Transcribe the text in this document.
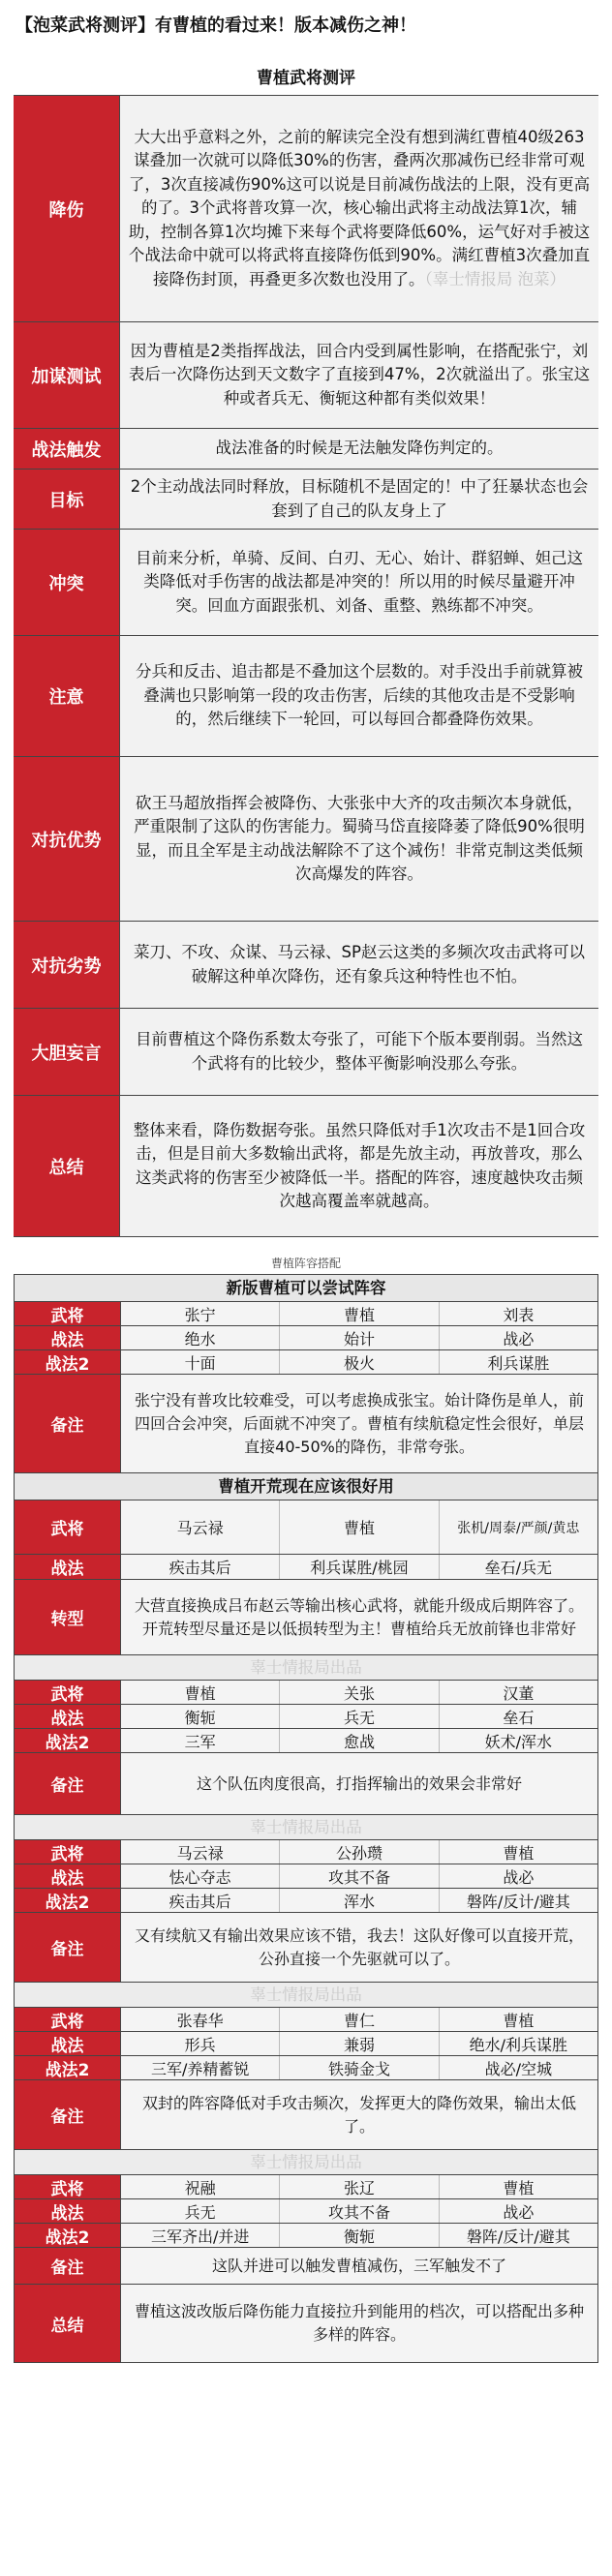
【泡菜武将测评】有曹植的看过来！版本减伤之神！
曹植武将测评
降伤
大大出乎意料之外，之前的解读完全没有想到满红曹植40级263谋叠加一次就可以降低30%的伤害，叠两次那减伤已经非常可观了，3次直接减伤90%这可以说是目前减伤战法的上限，没有更高的了。3个武将普攻算一次，核心输出武将主动战法算1次，辅助，控制各算1次均摊下来每个武将要降低60%，运气好对手被这个战法命中就可以将武将直接降伤低到90%。满红曹植3次叠加直接降伤封顶，再叠更多次数也没用了。（辜士情报局 泡菜）
加谋测试
因为曹植是2类指挥战法，回合内受到属性影响，在搭配张宁，刘表后一次降伤达到天文数字了直接到47%，2次就溢出了。张宝这种或者兵无、衡轭这种都有类似效果！
战法触发	战法准备的时候是无法触发降伤判定的。
目标
2个主动战法同时释放，目标随机不是固定的！中了狂暴状态也会套到了自己的队友身上了
冲突
目前来分析，单骑、反间、白刃、无心、始计、群貂蝉、妲己这类降低对手伤害的战法都是冲突的！所以用的时候尽量避开冲突。回血方面跟张机、刘备、重整、熟练都不冲突。
注意
分兵和反击、追击都是不叠加这个层数的。对手没出手前就算被叠满也只影响第一段的攻击伤害，后续的其他攻击是不受影响的，然后继续下一轮回，可以每回合都叠降伤效果。
对抗优势
砍王马超放指挥会被降伤、大张张中大齐的攻击频次本身就低，严重限制了这队的伤害能力。蜀骑马岱直接降萎了降低90%很明显，而且全军是主动战法解除不了这个减伤！非常克制这类低频次高爆发的阵容。
对抗劣势
菜刀、不攻、众谋、马云禄、SP赵云这类的多频次攻击武将可以破解这种单次降伤，还有象兵这种特性也不怕。
大胆妄言
目前曹植这个降伤系数太夸张了，可能下个版本要削弱。当然这个武将有的比较少，整体平衡影响没那么夸张。
总结
整体来看，降伤数据夸张。虽然只降低对手1次攻击不是1回合攻击，但是目前大多数输出武将，都是先放主动，再放普攻，那么这类武将的伤害至少被降低一半。搭配的阵容，速度越快攻击频次越高覆盖率就越高。
曹植阵容搭配
新版曹植可以尝试阵容
武将	张宁	曹植	刘表
战法	绝水	始计	战必
战法2	十面	极火	利兵谋胜
备注
张宁没有普攻比较难受，可以考虑换成张宝。始计降伤是单人，前四回合会冲突，后面就不冲突了。曹植有续航稳定性会很好，单层直接40-50%的降伤，非常夸张。
曹植开荒现在应该很好用
武将	马云禄	曹植	张机/周泰/严颜/黄忠
战法	疾击其后	利兵谋胜/桃园	垒石/兵无
转型
大营直接换成吕布赵云等输出核心武将，就能升级成后期阵容了。开荒转型尽量还是以低损转型为主！曹植给兵无放前锋也非常好
辜士情报局出品
武将	曹植	关张	汉董
战法	衡轭	兵无	垒石
战法2	三军	愈战	妖术/浑水
备注	这个队伍肉度很高，打指挥输出的效果会非常好
辜士情报局出品
武将	马云禄	公孙瓒	曹植
战法	怯心夺志	攻其不备	战必
战法2	疾击其后	浑水	磐阵/反计/避其
备注
又有续航又有输出效果应该不错，我去！这队好像可以直接开荒，公孙直接一个先驱就可以了。
辜士情报局出品
武将	张春华	曹仁	曹植
战法	形兵	兼弱	绝水/利兵谋胜
战法2	三军/养精蓄锐	铁骑金戈	战必/空城
备注
双封的阵容降低对手攻击频次，发挥更大的降伤效果，输出太低了。
辜士情报局出品
武将	祝融	张辽	曹植
战法	兵无	攻其不备	战必
战法2	三军齐出/并进	衡轭	磐阵/反计/避其
备注	这队并进可以触发曹植减伤，三军触发不了
总结
曹植这波改版后降伤能力直接拉升到能用的档次，可以搭配出多种多样的阵容。
